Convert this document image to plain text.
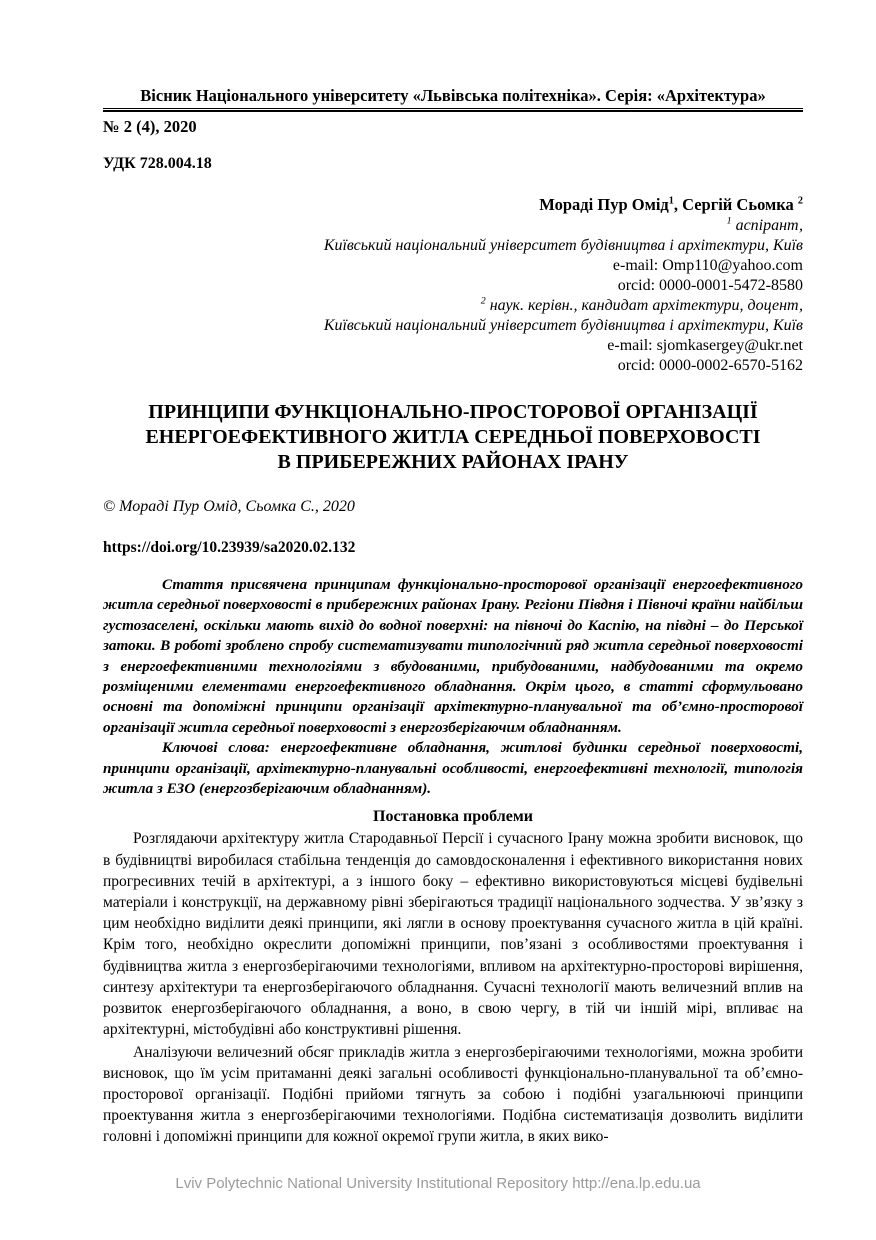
Вісник Національного університету «Львівська політехніка». Серія: «Архітектура»
№ 2 (4), 2020
УДК 728.004.18
Мораді Пур Омід$^1$, Сергій Сьомка $^2$
$^1$ аспірант,
Київський національний університет будівництва і архітектури, Київ
e-mail: Omp110@yahoo.com
orcid: 0000-0001-5472-8580
$^2$ наук. керівн., кандидат архітектури, доцент,
Київський національний університет будівництва і архітектури, Київ
e-mail: sjomkasergey@ukr.net
orcid: 0000-0002-6570-5162
ПРИНЦИПИ ФУНКЦІОНАЛЬНО-ПРОСТОРОВОЇ ОРГАНІЗАЦІЇ
ЕНЕРГОЕФЕКТИВНОГО ЖИТЛА СЕРЕДНЬОЇ ПОВЕРХОВОСТІ
В ПРИБЕРЕЖНИХ РАЙОНАХ ІРАНУ
© Мораді Пур Омід, Сьомка С., 2020
https://doi.org/10.23939/sa2020.02.132

Стаття присвячена принципам функціонально-просторової організації енергоефективного житла середньої поверховості в прибережних районах Ірану. Регіони Півдня і Півночі країни найбільш густозаселені, оскільки мають вихід до водної поверхні: на півночі до Каспію, на півдні – до Перської затоки. В роботі зроблено спробу систематизувати типологічний ряд житла середньої поверховості з енергоефективними технологіями з вбудованими, прибудованими, надбудованими та окремо розміщеними елементами енергоефективного обладнання. Окрім цього, в статті сформульовано основні та допоміжні принципи організації архітектурно-планувальної та об’ємно-просторової організації житла середньої поверховості з енергозберігаючим обладнанням.

Ключові слова: енергоефективне обладнання, житлові будинки середньої поверховості, принципи організації, архітектурно-планувальні особливості, енергоефективні технології, типологія житла з ЕЗО (енергозберігаючим обладнанням).

Постановка проблеми

Розглядаючи архітектуру житла Стародавньої Персії і сучасного Ірану можна зробити висновок, що в будівництві виробилася стабільна тенденція до самовдосконалення і ефективного використання нових прогресивних течій в архітектурі, а з іншого боку – ефективно використовуються місцеві будівельні матеріали і конструкції, на державному рівні зберігаються традиції національного зодчества. У зв’язку з цим необхідно виділити деякі принципи, які лягли в основу проектування сучасного житла в цій країні. Крім того, необхідно окреслити допоміжні принципи, пов’язані з особливостями проектування і будівництва житла з енергозберігаючими технологіями, впливом на архітектурно-просторові вирішення, синтезу архітектури та енергозберігаючого обладнання. Сучасні технології мають величезний вплив на розвиток енергозберігаючого обладнання, а воно, в свою чергу, в тій чи іншій мірі, впливає на архітектурні, містобудівні або конструктивні рішення.

Аналізуючи величезний обсяг прикладів житла з енергозберігаючими технологіями, можна зробити висновок, що їм усім притаманні деякі загальні особливості функціонально-планувальної та об’ємно-просторової організації. Подібні прийоми тягнуть за собою і подібні узагальнюючі принципи проектування житла з енергозберігаючими технологіями. Подібна систематизація дозволить виділити головні і допоміжні принципи для кожної окремої групи житла, в яких вико-

Lviv Polytechnic National University Institutional Repository http://ena.lp.edu.ua
